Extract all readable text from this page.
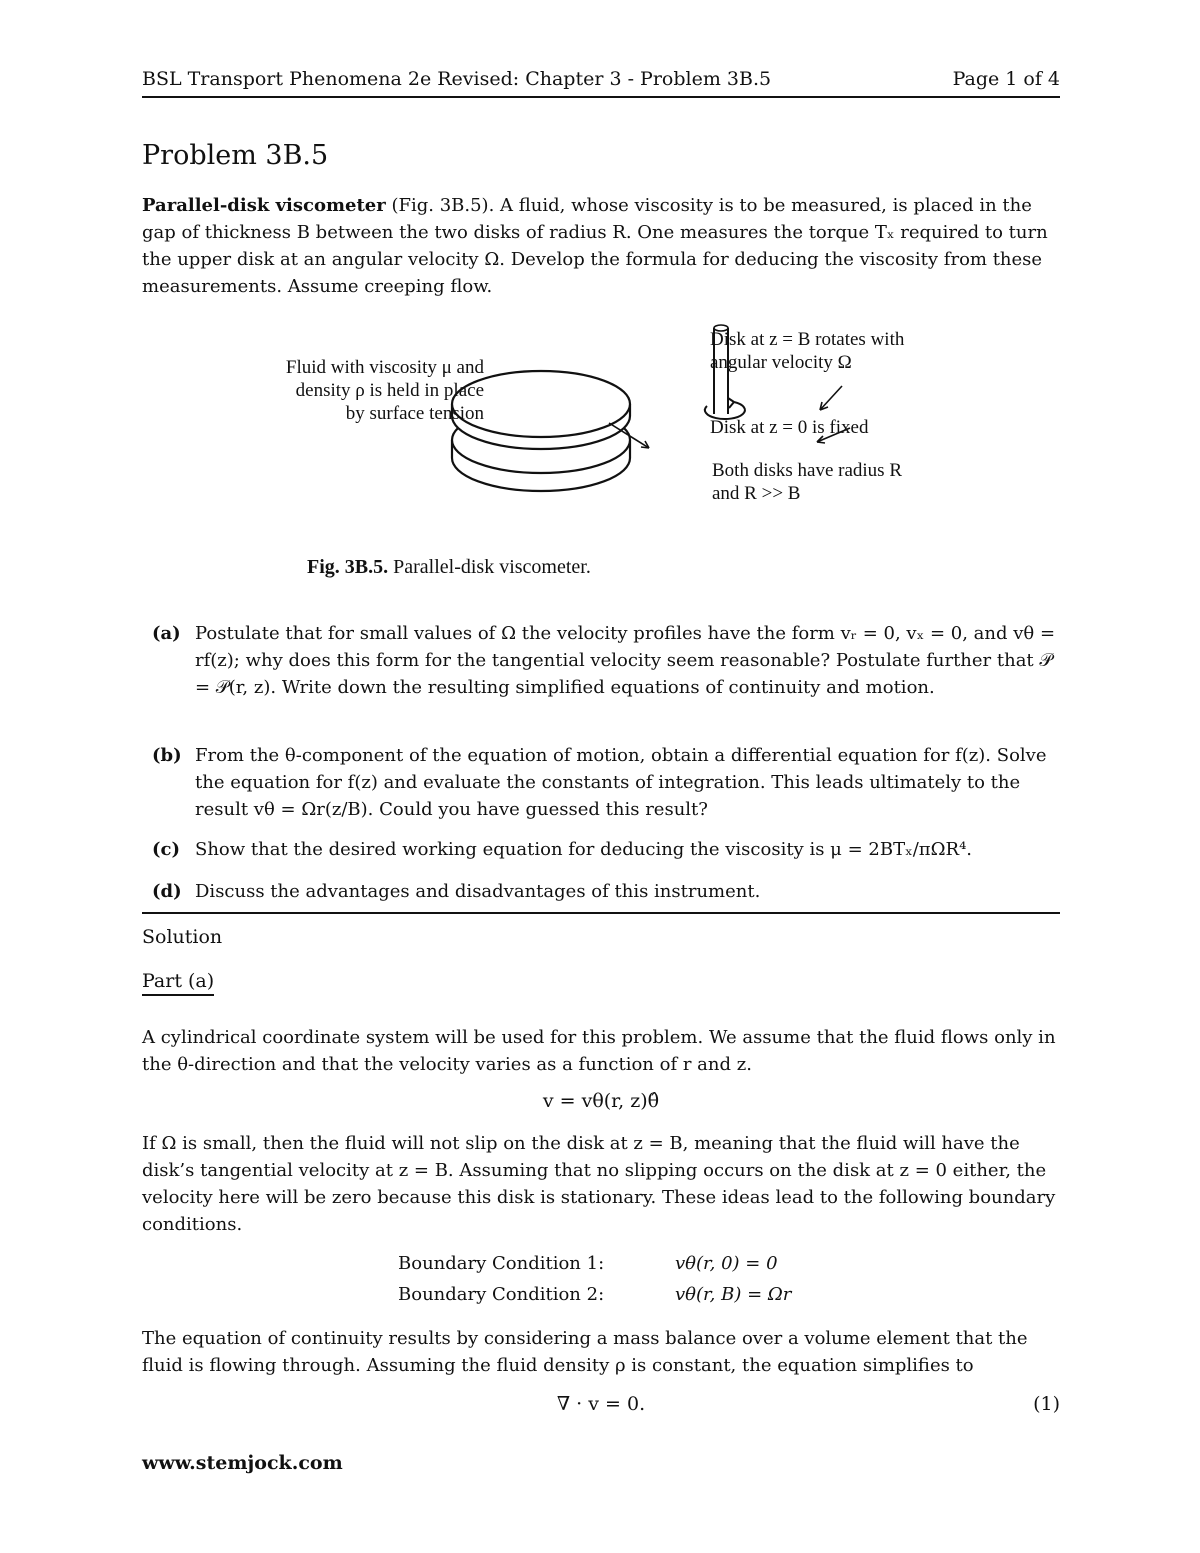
BSL Transport Phenomena 2e Revised: Chapter 3 - Problem 3B.5	Page 1 of 4
Problem 3B.5

Parallel-disk viscometer (Fig. 3B.5). A fluid, whose viscosity is to be measured, is placed in the gap of thickness B between the two disks of radius R. One measures the torque Tₓ required to turn the upper disk at an angular velocity Ω. Develop the formula for deducing the viscosity from these measurements. Assume creeping flow.

Fluid with viscosity μ and density ρ is held in place by surface tension
Disk at z = B rotates with angular velocity Ω
Disk at z = 0 is fixed
Both disks have radius R and R >> B
Fig. 3B.5. Parallel-disk viscometer.
(a) Postulate that for small values of Ω the velocity profiles have the form vᵣ = 0, vₓ = 0, and vθ = rf(z); why does this form for the tangential velocity seem reasonable? Postulate further that 𝒫 = 𝒫(r, z). Write down the resulting simplified equations of continuity and motion.
(b) From the θ-component of the equation of motion, obtain a differential equation for f(z). Solve the equation for f(z) and evaluate the constants of integration. This leads ultimately to the result vθ = Ωr(z/B). Could you have guessed this result?
(c) Show that the desired working equation for deducing the viscosity is μ = 2BTₓ/πΩR⁴.
(d) Discuss the advantages and disadvantages of this instrument.
Solution
Part (a)

A cylindrical coordinate system will be used for this problem. We assume that the fluid flows only in the θ-direction and that the velocity varies as a function of r and z.

v = vθ(r, z)θ̂

If Ω is small, then the fluid will not slip on the disk at z = B, meaning that the fluid will have the disk’s tangential velocity at z = B. Assuming that no slipping occurs on the disk at z = 0 either, the velocity here will be zero because this disk is stationary. These ideas lead to the following boundary conditions.

Boundary Condition 1:	vθ(r, 0) = 0
Boundary Condition 2:	vθ(r, B) = Ωr

The equation of continuity results by considering a mass balance over a volume element that the fluid is flowing through. Assuming the fluid density ρ is constant, the equation simplifies to

∇ · v = 0.	(1)
www.stemjock.com
